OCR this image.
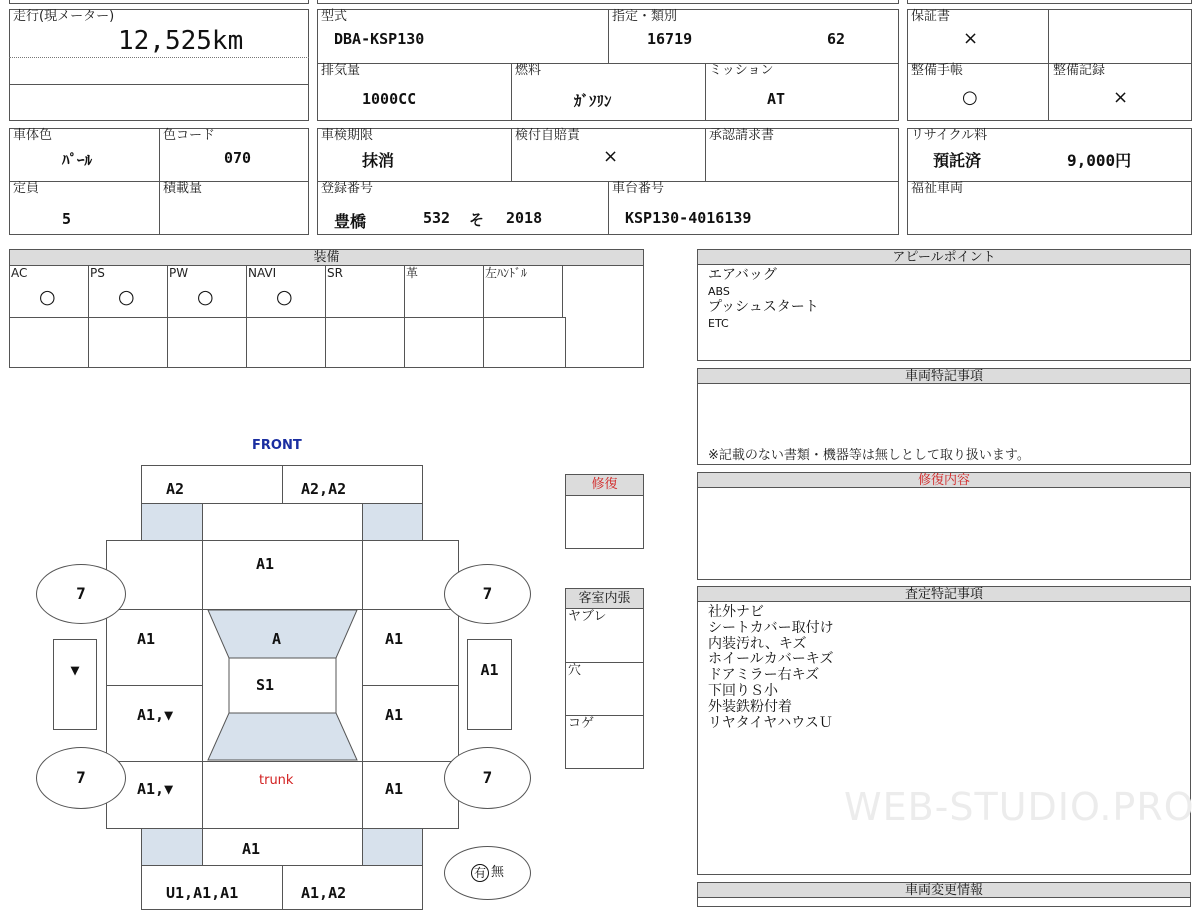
走行(現メーター)
12,525km
型式
DBA-KSP130
指定・類別
16719	62
排気量
1000CC
燃料
ｶﾞｿﾘﾝ
ミッション
AT
保証書
×
整備手帳
○
整備記録
×
車体色
ﾊﾟｰﾙ
色コード
070
定員
5
積載量
車検期限
抹消
検付自賠責
×
承認請求書
登録番号
豊橋	532 そ 2018
車台番号
KSP130-4016139
リサイクル料
預託済	9,000円
福祉車両
装備
AC
○
PS
○
PW
○
NAVI
○
SR	革	左ﾊﾝﾄﾞﾙ
アピールポイント
エアバッグ
ABS
プッシュスタート
ETC
車両特記事項
※記載のない書類・機器等は無しとして取り扱います。
修復内容
査定特記事項
社外ナビ
シートカバー取付け
内装汚れ、キズ
ホイールカバーキズ
ドアミラー右キズ
下回りＳ小
外装鉄粉付着
リヤタイヤハウスＵ
WEB-STUDIO.PRO
車両変更情報
修復
客室内張
ヤブレ
穴
コゲ
FRONT
A2	A2,A2
A1
A
S1
A1
A1,▼
A1,▼
A1
A1
A1
trunk
▼	A1
7	7
7	7
A1
U1,A1,A1	A1,A2
有 無
